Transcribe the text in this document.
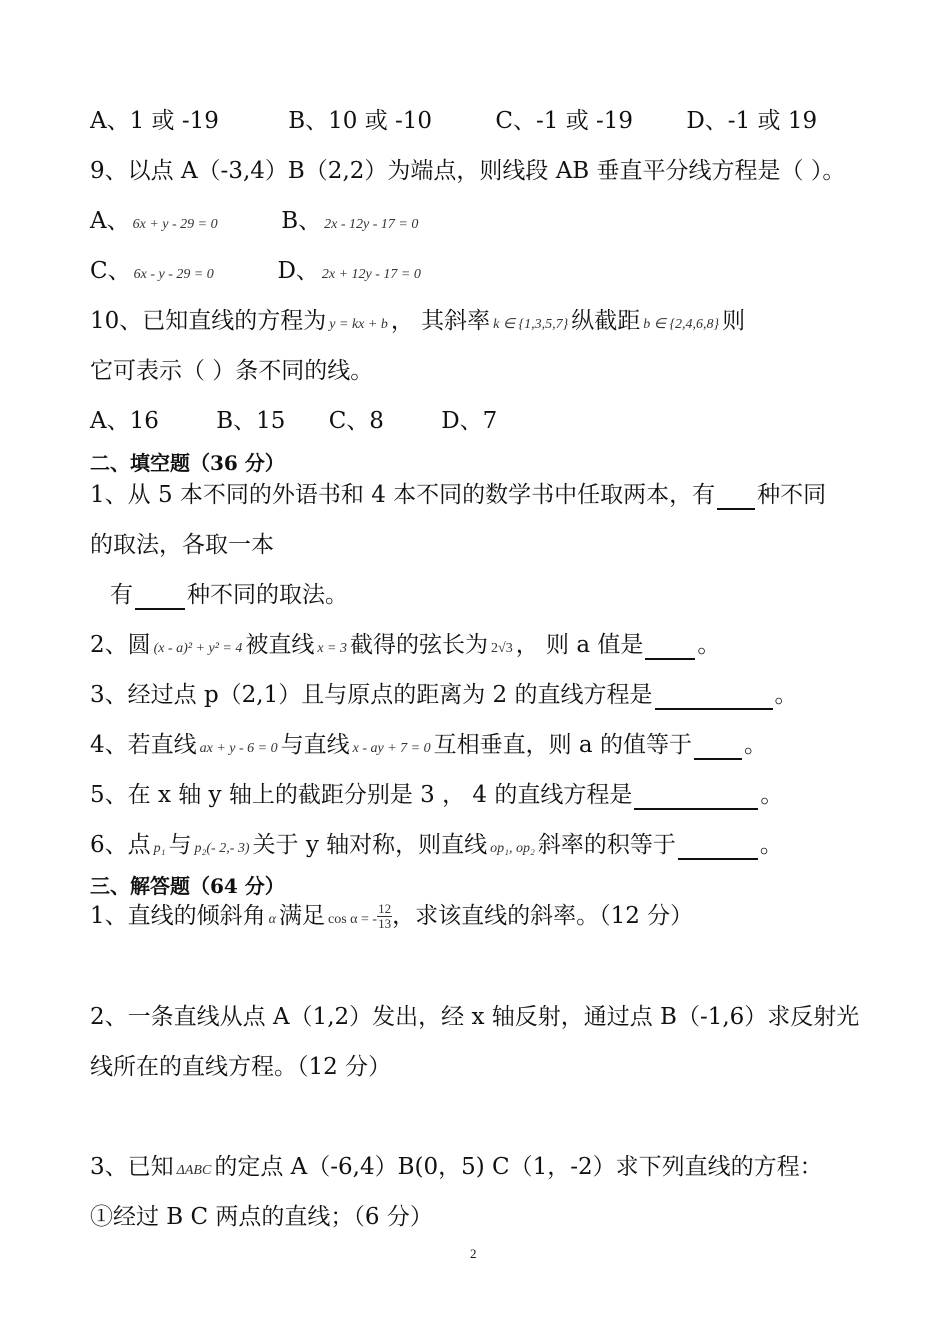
A、1 或 -19	B、10 或 -10	C、-1 或 -19 D、-1 或 19
9、以点 A（-3,4）B（2,2）为端点，则线段 AB 垂直平分线方程是（ ）。
A、 6x + y - 29 = 0	B、 2x - 12y - 17 = 0
C、 6x - y - 29 = 0	D、 2x + 12y - 17 = 0
10、已知直线的方程为 y = kx + b ， 其斜率 k ∈ {1,3,5,7} 纵截距 b ∈ {2,4,6,8} 则
它可表示（ ）条不同的线。
A、16 B、15 C、8 D、7
二、填空题（36 分）
1、从 5 本不同的外语书和 4 本不同的数学书中任取两本，有 种不同
的取法，各取一本
有 种不同的取法。
2、圆 (x - a)² + y² = 4 被直线 x = 3 截得的弦长为 2√3 ， 则 a 值是 。
3、经过点 p（2,1）且与原点的距离为 2 的直线方程是	。
4、若直线 ax + y - 6 = 0 与直线 x - ay + 7 = 0 互相垂直，则 a 的值等于 。
5、在 x 轴 y 轴上的截距分别是 3 ， 4 的直线方程是	。
6、点 p₁ 与 p₂(- 2,- 3) 关于 y 轴对称，则直线 op₁, op₂ 斜率的积等于	。
三、解答题（64 分）
1、直线的倾斜角 α 满足 cos α = - $\frac{12}{13}$ ，求该直线的斜率。（12 分）
2、一条直线从点 A（1,2）发出，经 x 轴反射，通过点 B（-1,6）求反射光
线所在的直线方程。（12 分）
3、已知 ΔABC 的定点 A（-6,4）B(0，5) C（1，-2）求下列直线的方程：
①经过 B C 两点的直线；（6 分）
2
